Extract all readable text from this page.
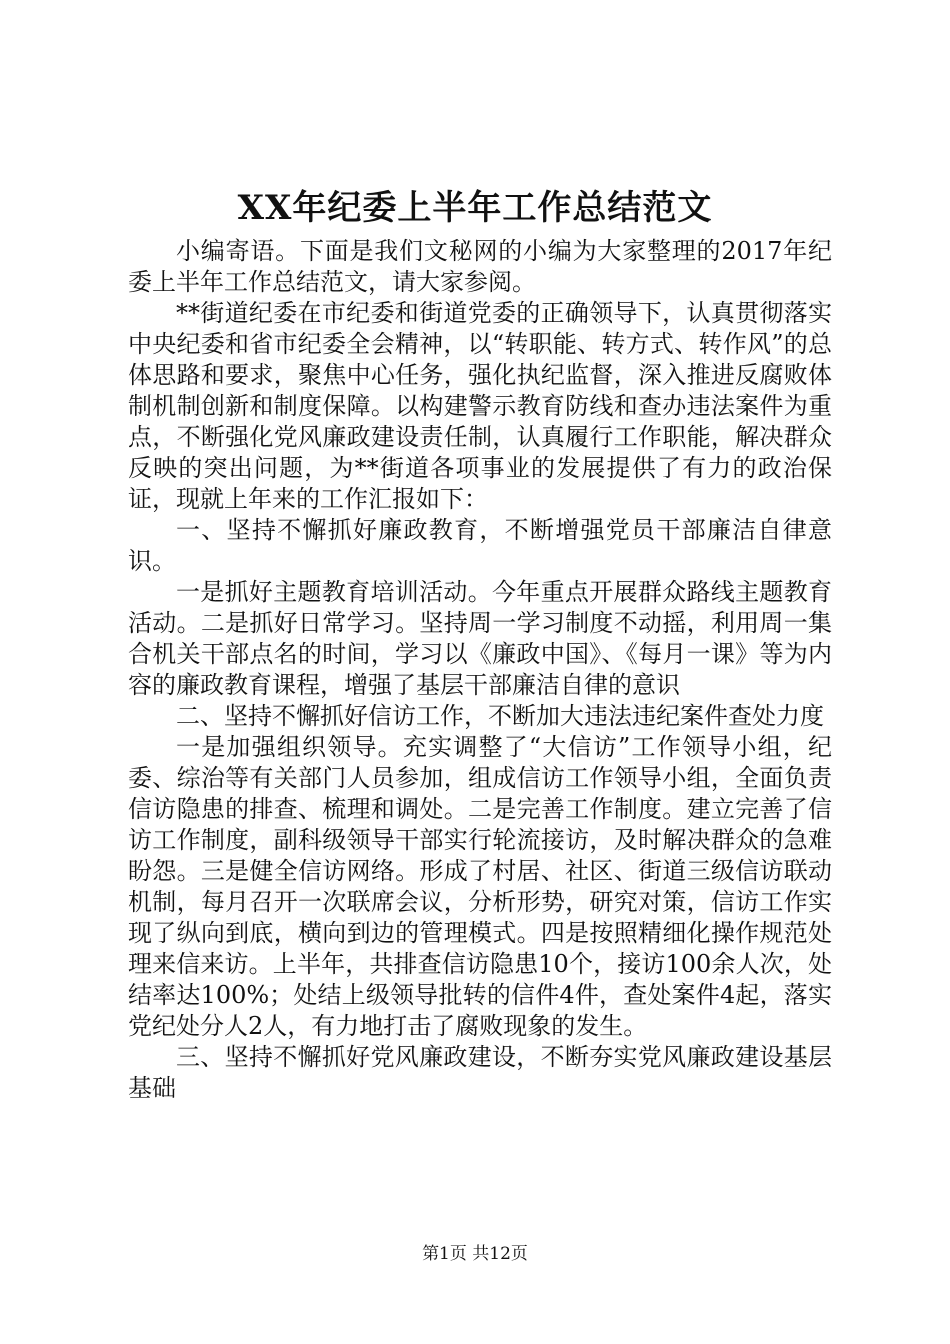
XX年纪委上半年工作总结范文

小编寄语。下面是我们文秘网的小编为大家整理的2017年纪委上半年工作总结范文，请大家参阅。

**街道纪委在市纪委和街道党委的正确领导下，认真贯彻落实中央纪委和省市纪委全会精神，以“转职能、转方式、转作风”的总体思路和要求，聚焦中心任务，强化执纪监督，深入推进反腐败体制机制创新和制度保障。以构建警示教育防线和查办违法案件为重点，不断强化党风廉政建设责任制，认真履行工作职能，解决群众反映的突出问题，为**街道各项事业的发展提供了有力的政治保证，现就上年来的工作汇报如下：

一、坚持不懈抓好廉政教育，不断增强党员干部廉洁自律意识。

一是抓好主题教育培训活动。今年重点开展群众路线主题教育活动。二是抓好日常学习。坚持周一学习制度不动摇，利用周一集合机关干部点名的时间，学习以《廉政中国》、《每月一课》等为内容的廉政教育课程，增强了基层干部廉洁自律的意识

二、坚持不懈抓好信访工作，不断加大违法违纪案件查处力度

一是加强组织领导。充实调整了“大信访”工作领导小组，纪委、综治等有关部门人员参加，组成信访工作领导小组，全面负责信访隐患的排查、梳理和调处。二是完善工作制度。建立完善了信访工作制度，副科级领导干部实行轮流接访，及时解决群众的急难盼怨。三是健全信访网络。形成了村居、社区、街道三级信访联动机制，每月召开一次联席会议，分析形势，研究对策，信访工作实现了纵向到底，横向到边的管理模式。四是按照精细化操作规范处理来信来访。上半年，共排查信访隐患10个，接访100余人次，处结率达100%；处结上级领导批转的信件4件，查处案件4起，落实党纪处分人2人，有力地打击了腐败现象的发生。

三、坚持不懈抓好党风廉政建设，不断夯实党风廉政建设基层基础

第1页 共12页
